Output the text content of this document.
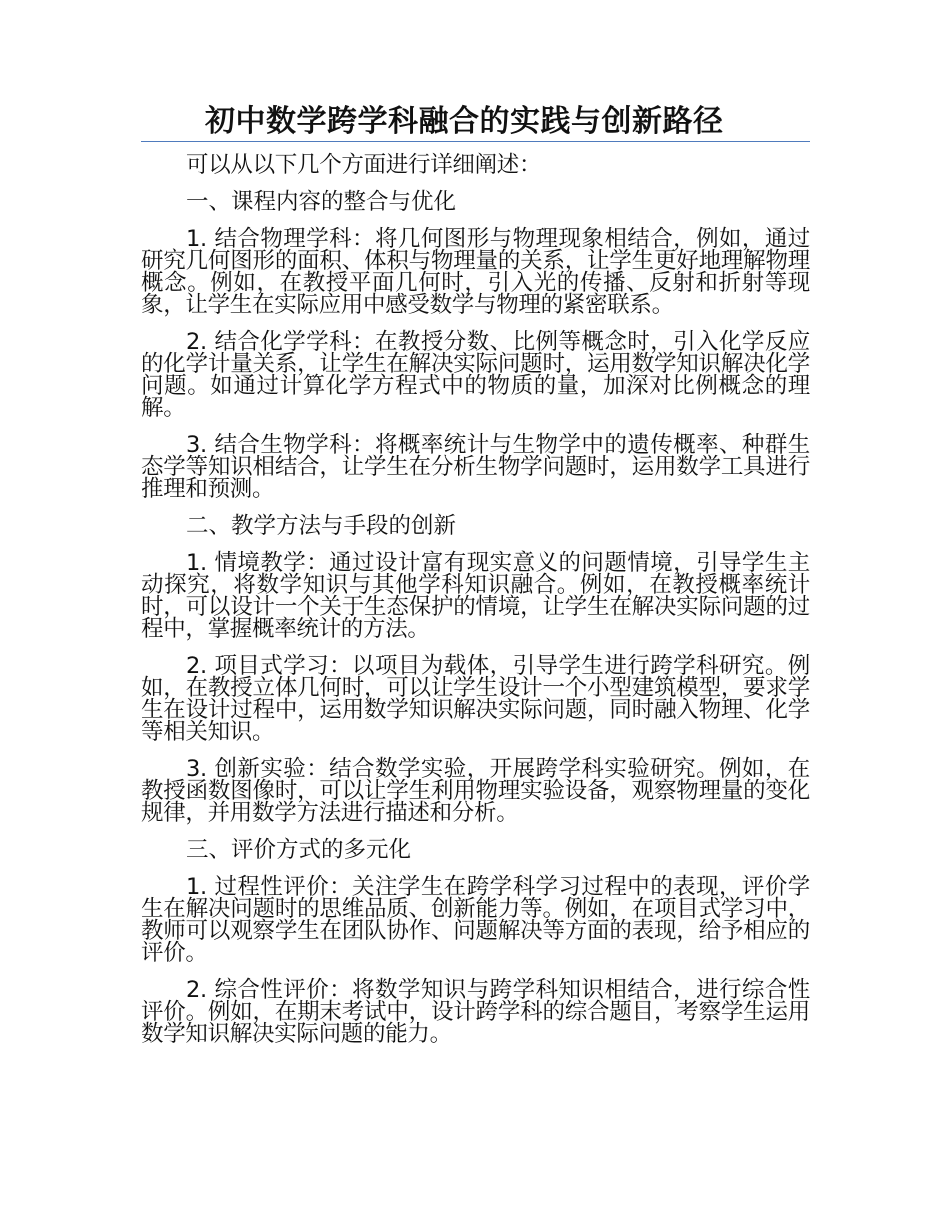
初中数学跨学科融合的实践与创新路径

可以从以下几个方面进行详细阐述：

一、课程内容的整合与优化

1. 结合物理学科：将几何图形与物理现象相结合，例如，通过研究几何图形的面积、体积与物理量的关系，让学生更好地理解物理概念。例如，在教授平面几何时，引入光的传播、反射和折射等现象，让学生在实际应用中感受数学与物理的紧密联系。

2. 结合化学学科：在教授分数、比例等概念时，引入化学反应的化学计量关系，让学生在解决实际问题时，运用数学知识解决化学问题。如通过计算化学方程式中的物质的量，加深对比例概念的理解。

3. 结合生物学科：将概率统计与生物学中的遗传概率、种群生态学等知识相结合，让学生在分析生物学问题时，运用数学工具进行推理和预测。

二、教学方法与手段的创新

1. 情境教学：通过设计富有现实意义的问题情境，引导学生主动探究，将数学知识与其他学科知识融合。例如，在教授概率统计时，可以设计一个关于生态保护的情境，让学生在解决实际问题的过程中，掌握概率统计的方法。

2. 项目式学习：以项目为载体，引导学生进行跨学科研究。例如，在教授立体几何时，可以让学生设计一个小型建筑模型，要求学生在设计过程中，运用数学知识解决实际问题，同时融入物理、化学等相关知识。

3. 创新实验：结合数学实验，开展跨学科实验研究。例如，在教授函数图像时，可以让学生利用物理实验设备，观察物理量的变化规律，并用数学方法进行描述和分析。

三、评价方式的多元化

1. 过程性评价：关注学生在跨学科学习过程中的表现，评价学生在解决问题时的思维品质、创新能力等。例如，在项目式学习中，教师可以观察学生在团队协作、问题解决等方面的表现，给予相应的评价。

2. 综合性评价：将数学知识与跨学科知识相结合，进行综合性评价。例如，在期末考试中，设计跨学科的综合题目，考察学生运用数学知识解决实际问题的能力。
